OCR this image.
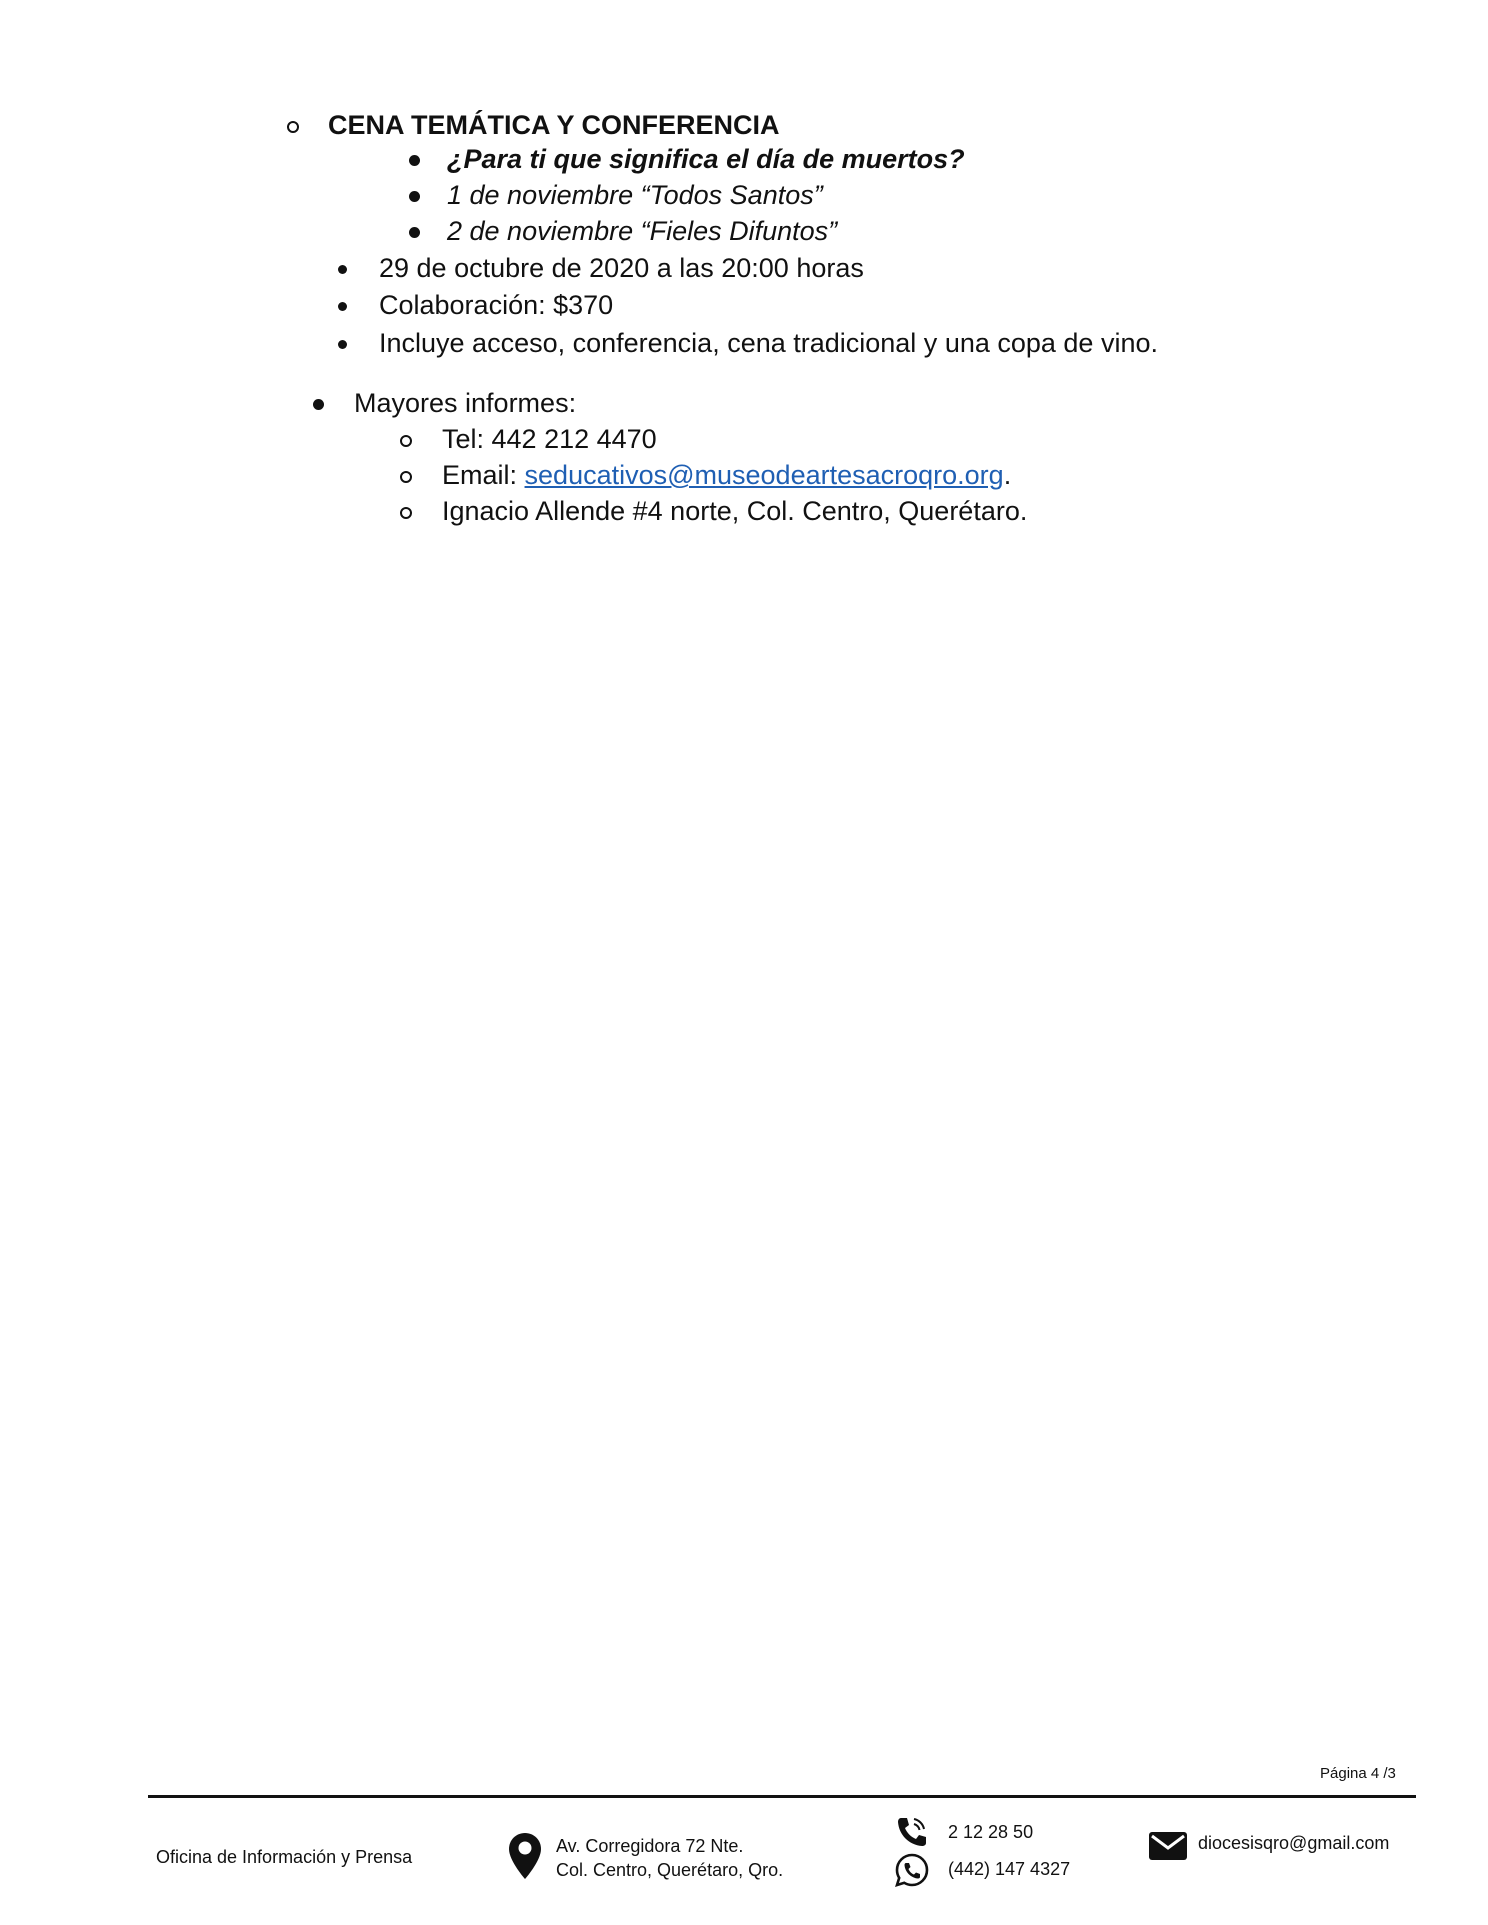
CENA TEMÁTICA Y CONFERENCIA
¿Para ti que significa el día de muertos?
1 de noviembre “Todos Santos”
2 de noviembre “Fieles Difuntos”
29 de octubre de 2020 a las 20:00 horas
Colaboración: $370
Incluye acceso, conferencia, cena tradicional y una copa de vino.
Mayores informes:
Tel: 442 212 4470
Email: seducativos@museodeartesacroqro.org.
Ignacio Allende #4 norte, Col. Centro, Querétaro.
Página 4 /3
Oficina de Información y Prensa
Av. Corregidora 72 Nte.
Col. Centro, Querétaro, Qro.
2 12 28 50
(442) 147 4327
diocesisqro@gmail.com
